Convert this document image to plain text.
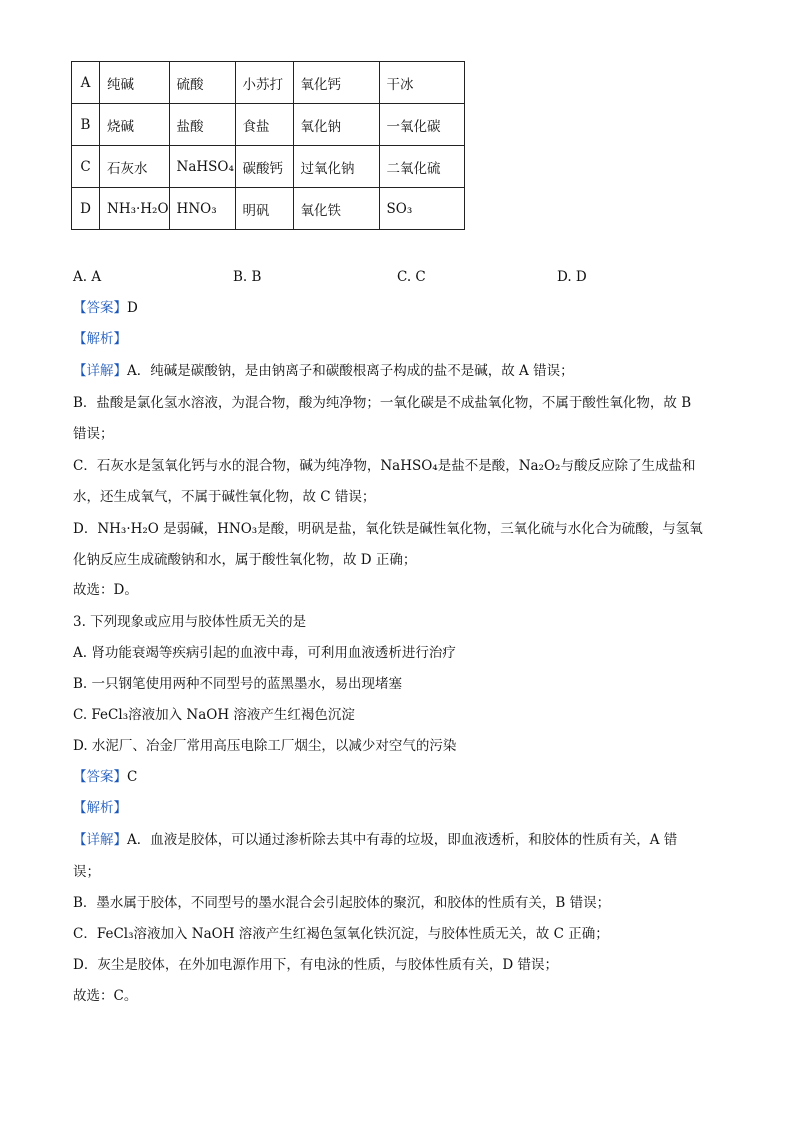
A	纯碱	硫酸	小苏打	氧化钙	干冰
B	烧碱	盐酸	食盐	氧化钠	一氧化碳
C	石灰水	NaHSO₄	碳酸钙	过氧化钠	二氧化硫
D	NH₃·H₂O	HNO₃	明矾	氧化铁	SO₃
A. A	B. B	C. C	D. D
【答案】D
【解析】
【详解】A．纯碱是碳酸钠，是由钠离子和碳酸根离子构成的盐不是碱，故 A 错误；
B．盐酸是氯化氢水溶液，为混合物，酸为纯净物；一氧化碳是不成盐氧化物，不属于酸性氧化物，故 B
错误；
C．石灰水是氢氧化钙与水的混合物，碱为纯净物，NaHSO₄是盐不是酸，Na₂O₂与酸反应除了生成盐和
水，还生成氧气，不属于碱性氧化物，故 C 错误；
D．NH₃·H₂O 是弱碱，HNO₃是酸，明矾是盐，氧化铁是碱性氧化物，三氧化硫与水化合为硫酸，与氢氧
化钠反应生成硫酸钠和水，属于酸性氧化物，故 D 正确；
故选：D。
3. 下列现象或应用与胶体性质无关的是
A. 肾功能衰竭等疾病引起的血液中毒，可利用血液透析进行治疗
B. 一只钢笔使用两种不同型号的蓝黑墨水，易出现堵塞
C. FeCl₃溶液加入 NaOH 溶液产生红褐色沉淀
D. 水泥厂、冶金厂常用高压电除工厂烟尘，以减少对空气的污染
【答案】C
【解析】
【详解】A．血液是胶体，可以通过渗析除去其中有毒的垃圾，即血液透析，和胶体的性质有关，A 错
误；
B．墨水属于胶体，不同型号的墨水混合会引起胶体的聚沉，和胶体的性质有关，B 错误；
C．FeCl₃溶液加入 NaOH 溶液产生红褐色氢氧化铁沉淀，与胶体性质无关，故 C 正确；
D．灰尘是胶体，在外加电源作用下，有电泳的性质，与胶体性质有关，D 错误；
故选：C。
